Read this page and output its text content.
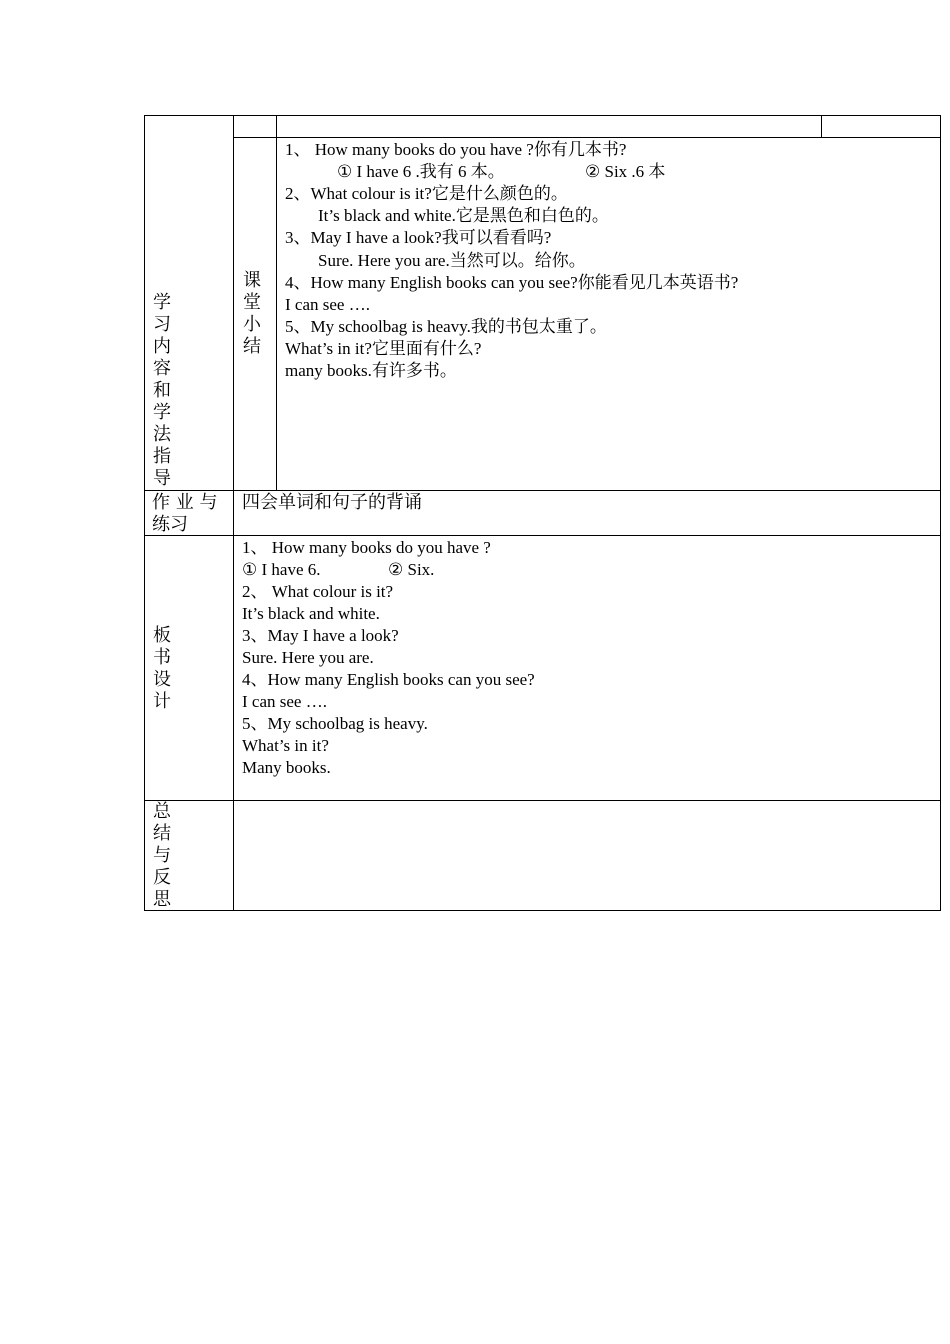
学习内容和学法指导
课堂小结
1、 How many books do you have ?你有几本书?
① I have 6 .我有 6 本。	② Six .6 本
2、What colour is it?它是什么颜色的。
It’s black and white.它是黑色和白色的。
3、May I have a look?我可以看看吗?
Sure. Here you are.当然可以。给你。
4、How many English books can you see?你能看见几本英语书?
I can see ….
5、My schoolbag is heavy.我的书包太重了。
What’s in it?它里面有什么?
many books.有许多书。
作 业 与 练习
四会单词和句子的背诵
板书设计
1、 How many books do you have ?
① I have 6.	② Six.
2、 What colour is it?
It’s black and white.
3、May I have a look?
Sure. Here you are.
4、How many English books can you see?
I can see ….
5、My schoolbag is heavy.
What’s in it?
Many books.
总结与反思
